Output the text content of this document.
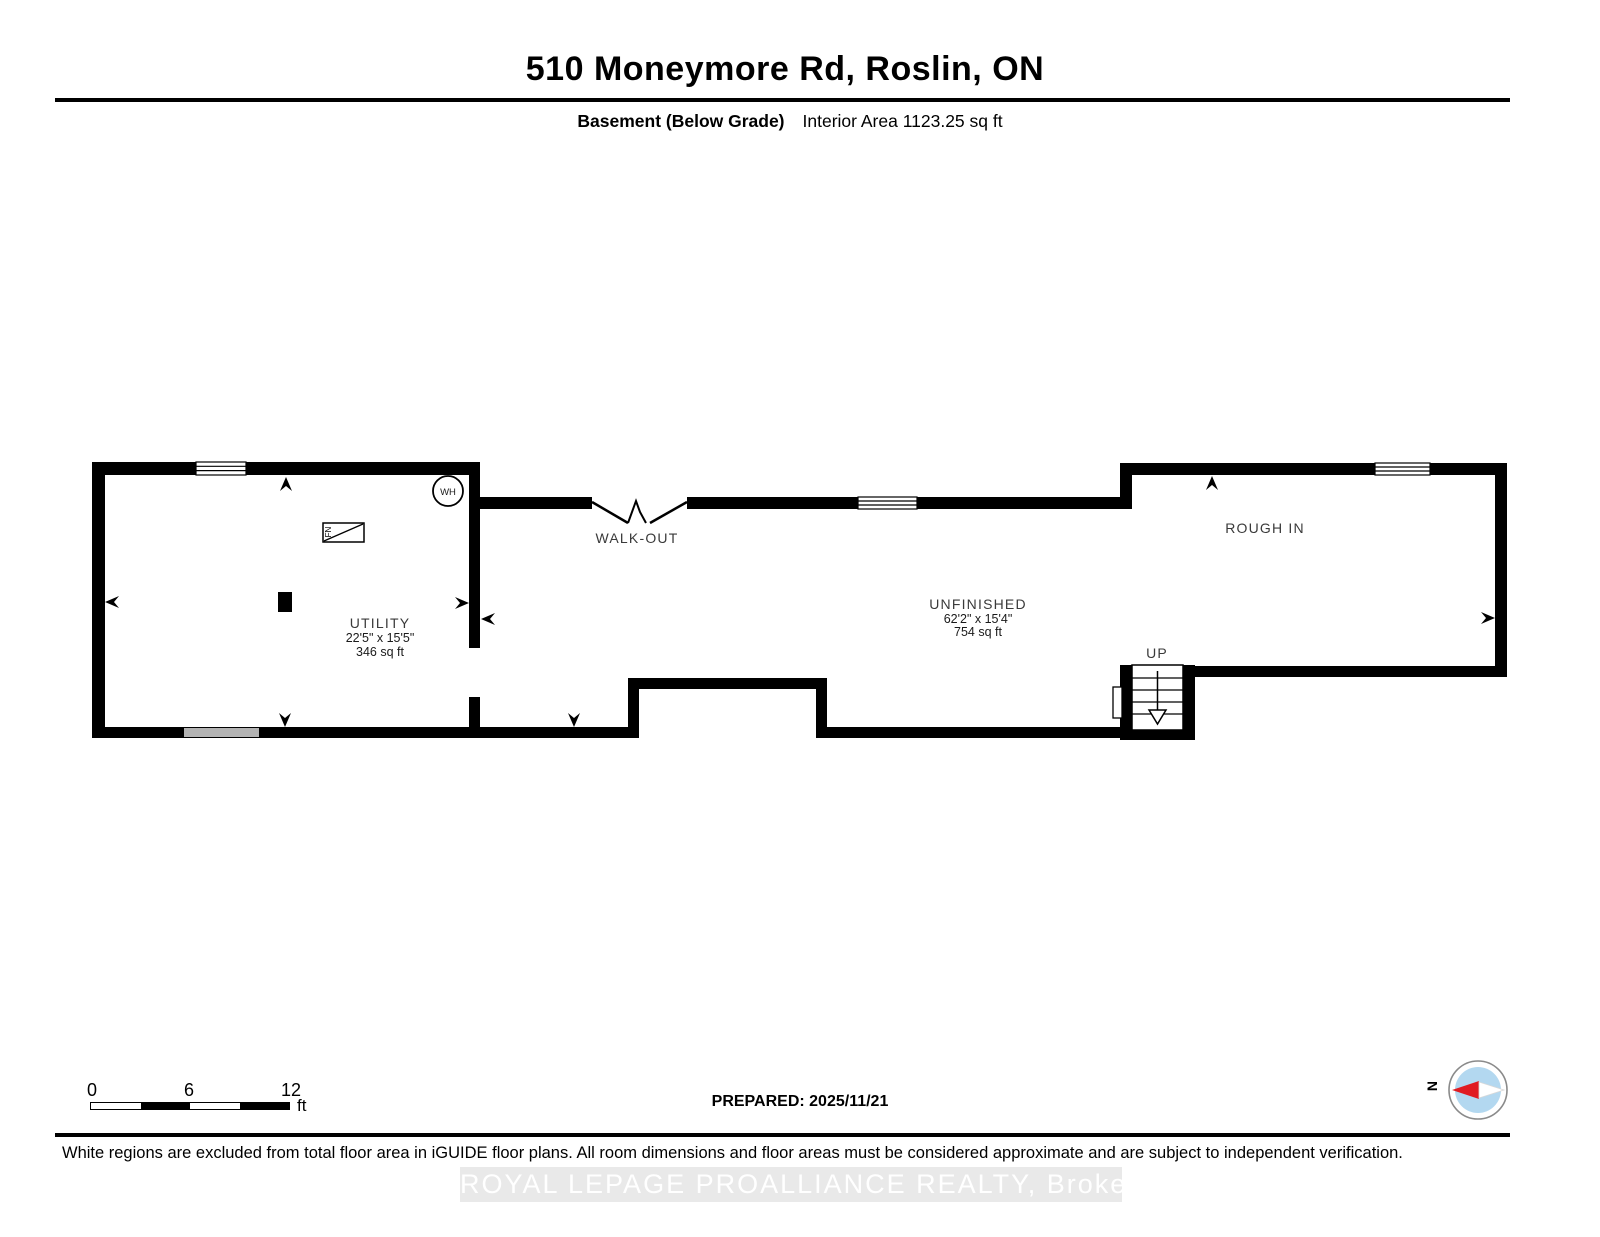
510 Moneymore Rd, Roslin, ON
Basement (Below Grade) Interior Area 1123.25 sq ft
WH
FN
UTILITY
22'5" x 15'5"
346 sq ft
UNFINISHED
62'2" x 15'4"
754 sq ft
ROUGH IN
WALK-OUT
UP
N
0	6	12
ft	PREPARED: 2025/11/21
White regions are excluded from total floor area in iGUIDE floor plans. All room dimensions and floor areas must be considered approximate and are subject to independent verification.
ROYAL LEPAGE PROALLIANCE REALTY, Brokerage
